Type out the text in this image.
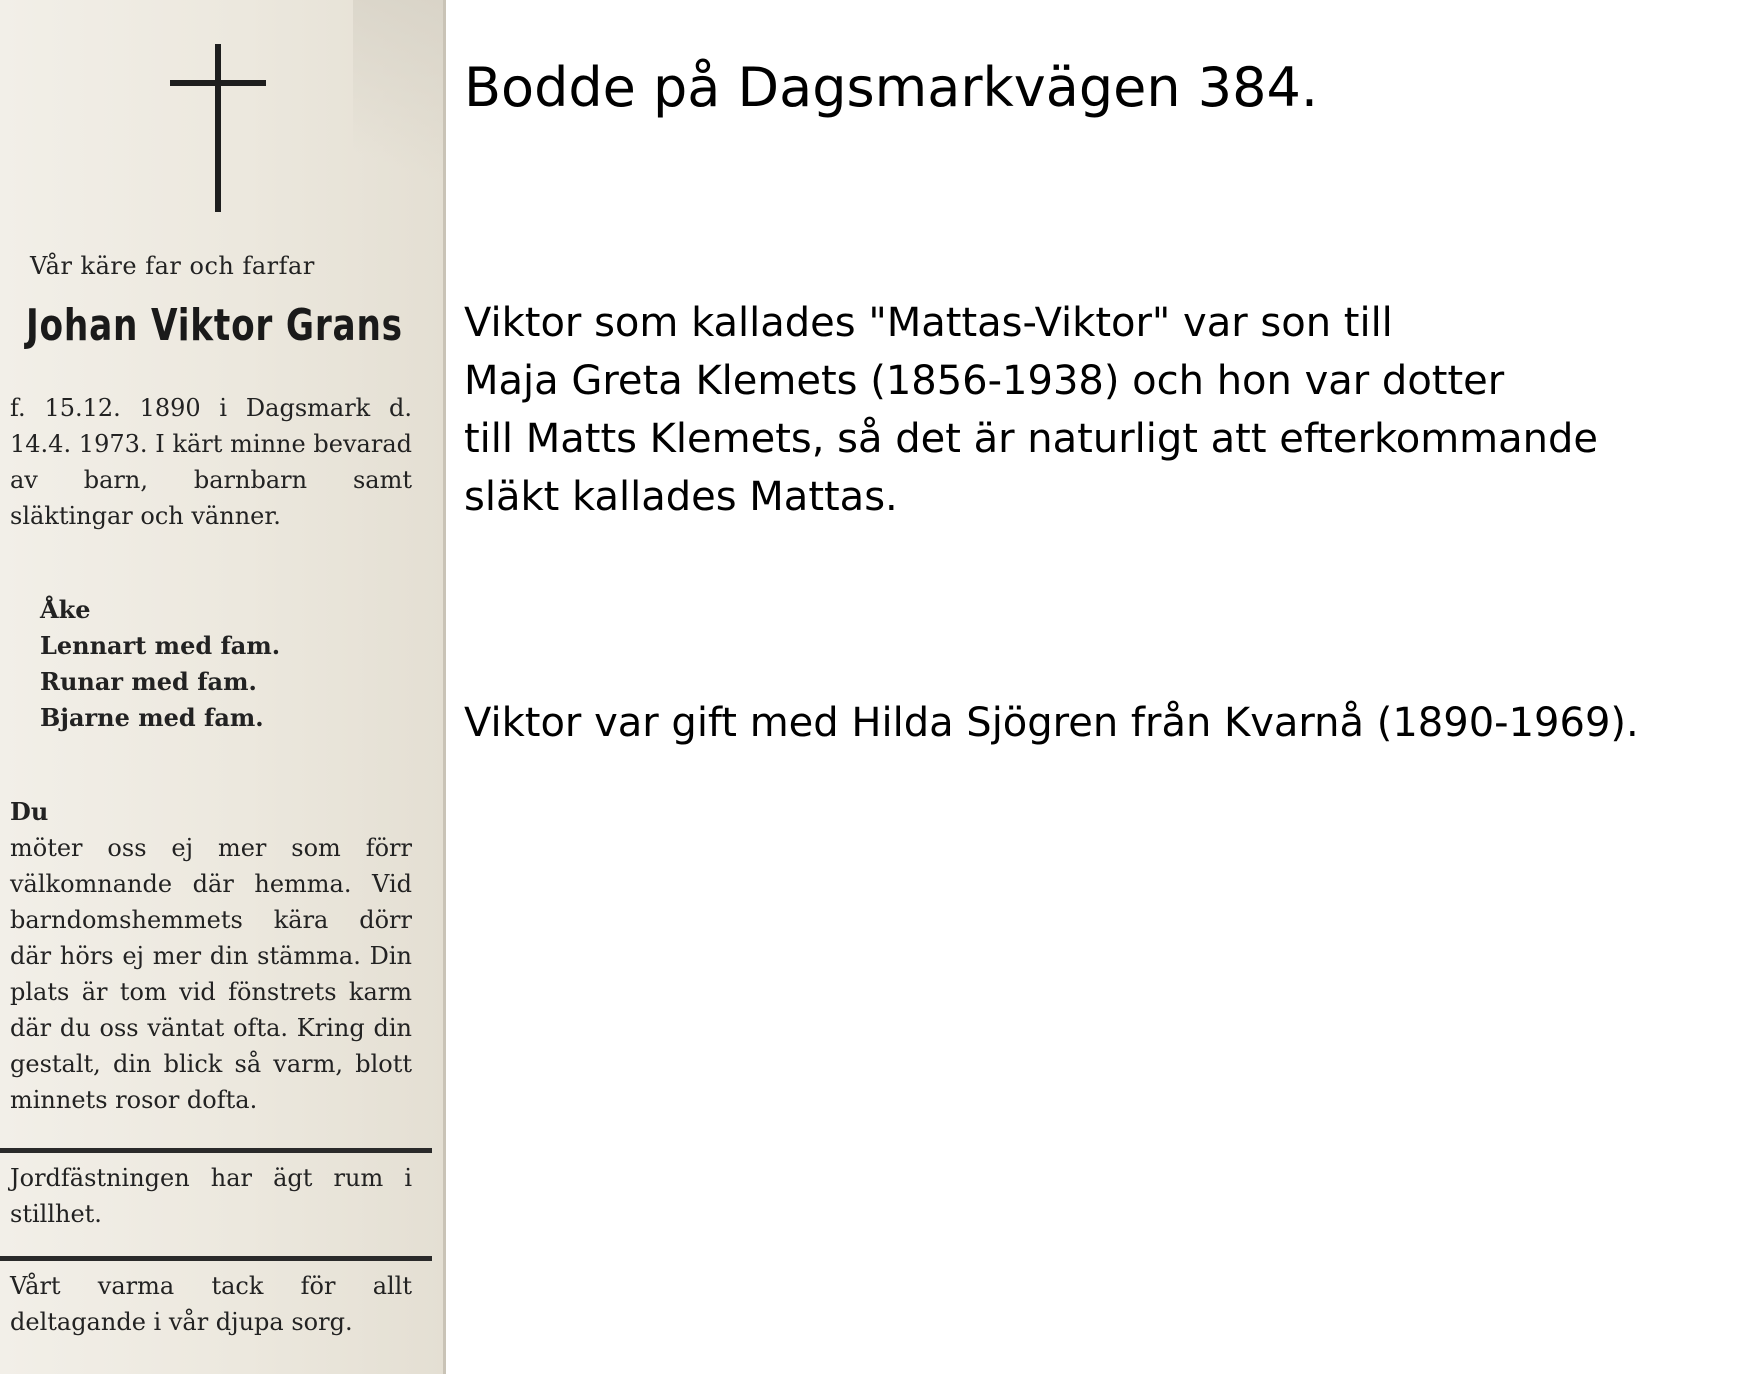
Vår käre far och farfar
Johan Viktor Grans
f. 15.12. 1890 i Dagsmark d. 14.4. 1973. I kärt minne bevarad av barn, barnbarn samt släktingar och vänner.
Åke
Lennart med fam.
Runar med fam.
Bjarne med fam.

Du
möter oss ej mer som förr välkomnande där hemma. Vid barndomshemmets kära dörr där hörs ej mer din stämma. Din plats är tom vid fönstrets karm där du oss väntat ofta. Kring din gestalt, din blick så varm, blott minnets rosor dofta.

Jordfästningen har ägt rum i stillhet.
Vårt varma tack för allt deltagande i vår djupa sorg.
Bodde på Dagsmarkvägen 384.
Viktor som kallades "Mattas-Viktor" var son till
Maja Greta Klemets (1856-1938) och hon var dotter
till Matts Klemets, så det är naturligt att efterkommande
släkt kallades Mattas.
Viktor var gift med Hilda Sjögren från Kvarnå (1890-1969).
